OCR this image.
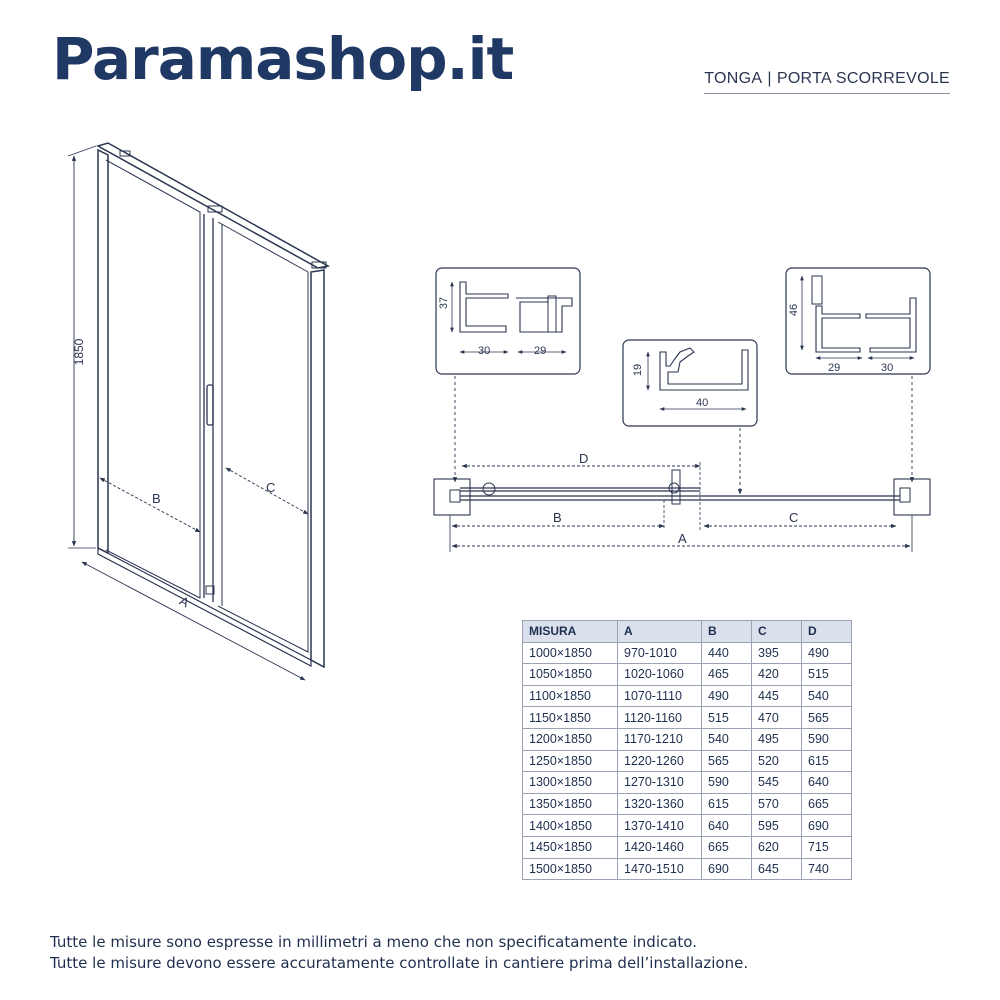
Paramashop.it	TONGA | PORTA SCORREVOLE
1850
A
B
C
37
30	29
19
40
46
29	30
D
B	C
A
MISURA	A	B	C	D
1000×1850	970-1010	440	395	490
1050×1850	1020-1060	465	420	515
1100×1850	1070-1110	490	445	540
1150×1850	1120-1160	515	470	565
1200×1850	1170-1210	540	495	590
1250×1850	1220-1260	565	520	615
1300×1850	1270-1310	590	545	640
1350×1850	1320-1360	615	570	665
1400×1850	1370-1410	640	595	690
1450×1850	1420-1460	665	620	715
1500×1850	1470-1510	690	645	740
Tutte le misure sono espresse in millimetri a meno che non specificatamente indicato.
Tutte le misure devono essere accuratamente controllate in cantiere prima dell’installazione.
